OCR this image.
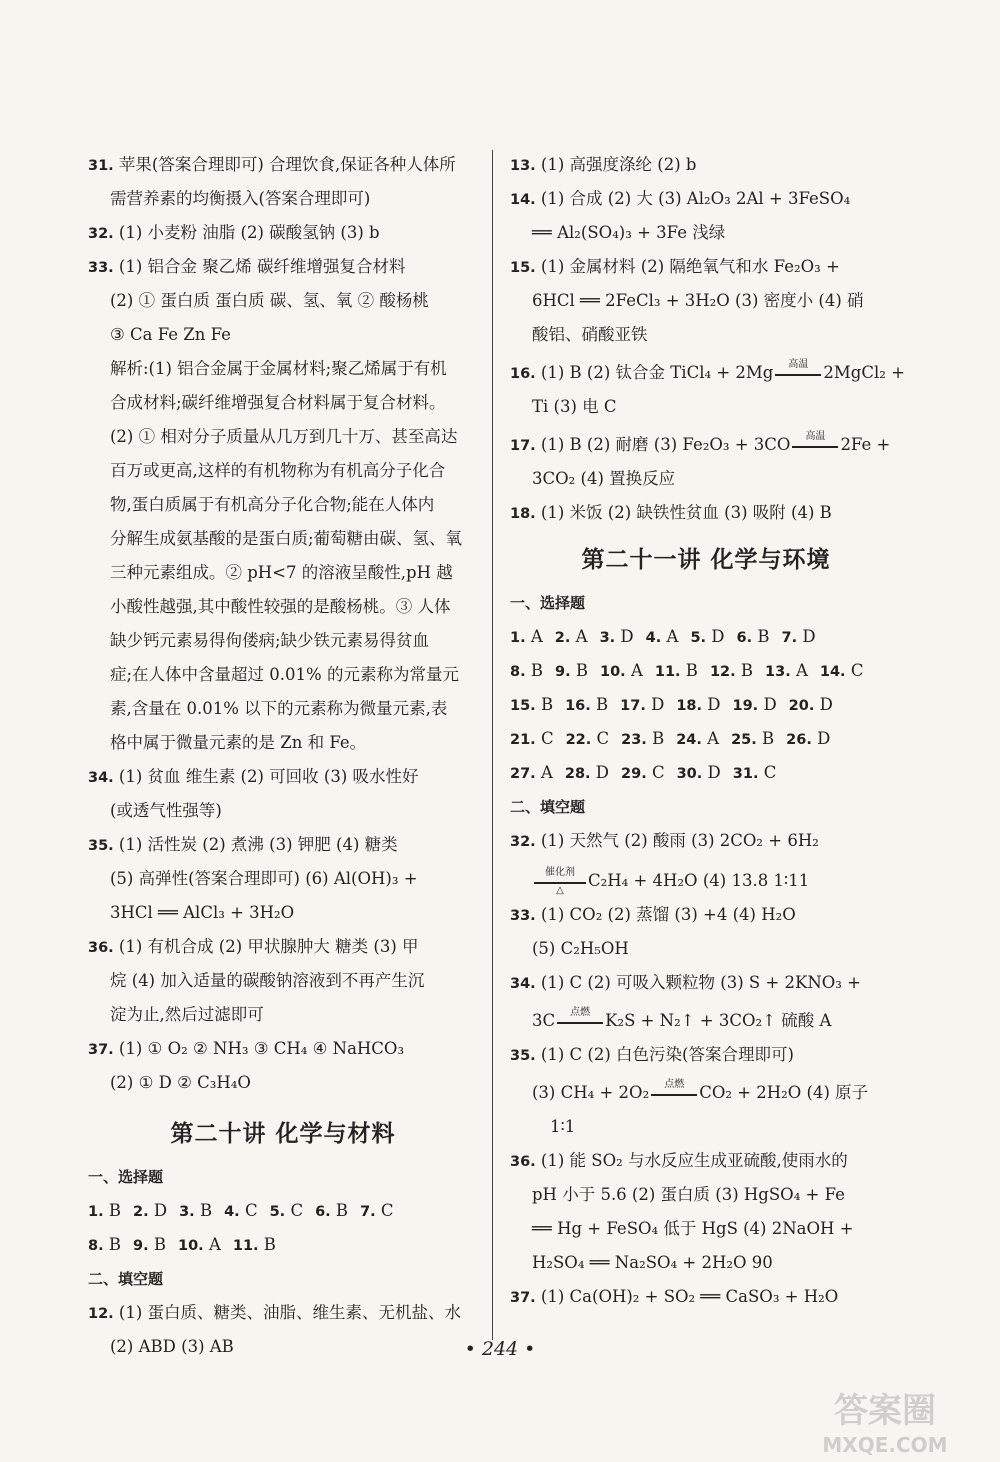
31. 苹果(答案合理即可) 合理饮食,保证各种人体所
需营养素的均衡摄入(答案合理即可)
32. (1) 小麦粉 油脂 (2) 碳酸氢钠 (3) b
33. (1) 铝合金 聚乙烯 碳纤维增强复合材料
(2) ① 蛋白质 蛋白质 碳、氢、氧 ② 酸杨桃
③ Ca Fe Zn Fe
解析:(1) 铝合金属于金属材料;聚乙烯属于有机
合成材料;碳纤维增强复合材料属于复合材料。
(2) ① 相对分子质量从几万到几十万、甚至高达
百万或更高,这样的有机物称为有机高分子化合
物,蛋白质属于有机高分子化合物;能在人体内
分解生成氨基酸的是蛋白质;葡萄糖由碳、氢、氧
三种元素组成。② pH<7 的溶液呈酸性,pH 越
小酸性越强,其中酸性较强的是酸杨桃。③ 人体
缺少钙元素易得佝偻病;缺少铁元素易得贫血
症;在人体中含量超过 0.01% 的元素称为常量元
素,含量在 0.01% 以下的元素称为微量元素,表
格中属于微量元素的是 Zn 和 Fe。
34. (1) 贫血 维生素 (2) 可回收 (3) 吸水性好
(或透气性强等)
35. (1) 活性炭 (2) 煮沸 (3) 钾肥 (4) 糖类
(5) 高弹性(答案合理即可) (6) Al(OH)₃ +
3HCl ══ AlCl₃ + 3H₂O
36. (1) 有机合成 (2) 甲状腺肿大 糖类 (3) 甲
烷 (4) 加入适量的碳酸钠溶液到不再产生沉
淀为止,然后过滤即可
37. (1) ① O₂ ② NH₃ ③ CH₄ ④ NaHCO₃
(2) ① D ② C₃H₄O
第二十讲 化学与材料
一、选择题
1. B 2. D 3. B 4. C 5. C 6. B 7. C
8. B 9. B 10. A 11. B
二、填空题
12. (1) 蛋白质、糖类、油脂、维生素、无机盐、水
(2) ABD (3) AB
13. (1) 高强度涤纶 (2) b
14. (1) 合成 (2) 大 (3) Al₂O₃ 2Al + 3FeSO₄
══ Al₂(SO₄)₃ + 3Fe 浅绿
15. (1) 金属材料 (2) 隔绝氧气和水 Fe₂O₃ +
6HCl ══ 2FeCl₃ + 3H₂O (3) 密度小 (4) 硝
酸铝、硝酸亚铁
16. (1) B (2) 钛合金 TiCl₄ + 2Mg	高温 2MgCl₂ +
Ti (3) 电 C
17. (1) B (2) 耐磨 (3) Fe₂O₃ + 3CO	高温 2Fe +
3CO₂ (4) 置换反应
18. (1) 米饭 (2) 缺铁性贫血 (3) 吸附 (4) B
第二十一讲 化学与环境
一、选择题
1. A 2. A 3. D 4. A 5. D 6. B 7. D
8. B 9. B 10. A 11. B 12. B 13. A 14. C
15. B 16. B 17. D 18. D 19. D 20. D
21. C 22. C 23. B 24. A 25. B 26. D
27. A 28. D 29. C 30. D 31. C
二、填空题
32. (1) 天然气 (2) 酸雨 (3) 2CO₂ + 6H₂
催化剂
△	C₂H₄ + 4H₂O (4) 13.8 1∶11
33. (1) CO₂ (2) 蒸馏 (3) +4 (4) H₂O
(5) C₂H₅OH
34. (1) C (2) 可吸入颗粒物 (3) S + 2KNO₃ +
3C	点燃 K₂S + N₂↑ + 3CO₂↑ 硫酸 A
35. (1) C (2) 白色污染(答案合理即可)
(3) CH₄ + 2O₂	点燃 CO₂ + 2H₂O (4) 原子
1∶1
36. (1) 能 SO₂ 与水反应生成亚硫酸,使雨水的
pH 小于 5.6 (2) 蛋白质 (3) HgSO₄ + Fe
══ Hg + FeSO₄ 低于 HgS (4) 2NaOH +
H₂SO₄ ══ Na₂SO₄ + 2H₂O 90
37. (1) Ca(OH)₂ + SO₂ ══ CaSO₃ + H₂O
• 244 •
答案圈
MXQE.COM
